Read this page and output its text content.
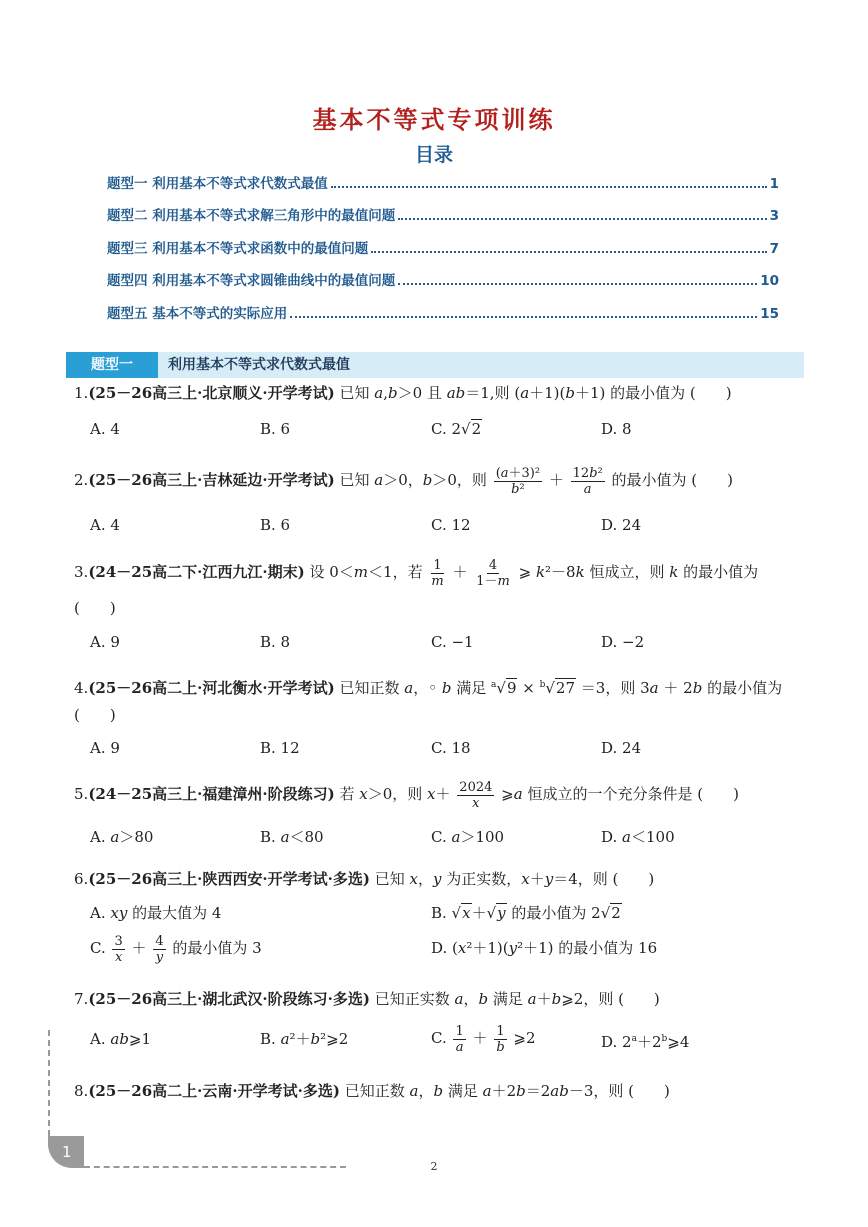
基本不等式专项训练
目录
题型一 利用基本不等式求代数式最值	1
题型二 利用基本不等式求解三角形中的最值问题	3
题型三 利用基本不等式求函数中的最值问题	7
题型四 利用基本不等式求圆锥曲线中的最值问题	10
题型五 基本不等式的实际应用	15
题型一	利用基本不等式求代数式最值
1.(25－26高三上·北京顺义·开学考试) 已知 a,b＞0 且 ab＝1,则 (a＋1)(b＋1) 的最小值为 (　　)
A. 4	B. 6	C. 2√2	D. 8
2.(25－26高三上·吉林延边·开学考试) 已知 a＞0，b＞0，则 $\frac{\text{(a＋3)²}}{\text{b²}} + \frac{\text{12b²}}{a}$ 的最小值为 (　　)
A. 4	B. 6	C. 12	D. 24
3.(24－25高二下·江西九江·期末) 设 0＜m＜1，若 $\frac{1}{m} + \frac{4}{1-m}$ ⩾ k²－8k 恒成立，则 k 的最小值为
(　　)
A. 9	B. 8	C. −1	D. −2
4.(25－26高二上·河北衡水·开学考试) 已知正数 a，◦ b 满足 $^a$√9 × $^b$√27 ＝3，则 3a ＋ 2b 的最小值为
(　　)
A. 9	B. 12	C. 18	D. 24
5.(24－25高三上·福建漳州·阶段练习) 若 x＞0，则 $x+ \frac{2024}{x}$ ⩾a 恒成立的一个充分条件是 (　　)
A. a＞80	B. a＜80	C. a＞100	D. a＜100
6.(25－26高三上·陕西西安·开学考试·多选) 已知 x，y 为正实数，x＋y＝4，则 (　　)
A. xy 的最大值为 4	B. √x＋√y 的最小值为 2√2
C. $\frac{3}{x} + \frac{4}{y}$ 的最小值为 3	D. (x²＋1)(y²＋1) 的最小值为 16
7.(25－26高三上·湖北武汉·阶段练习·多选) 已知正实数 a，b 满足 a＋b⩾2，则 (　　)
A. ab⩾1	B. a²＋b²⩾2	C. $\frac{1}{a} + \frac{1}{b}$ ⩾2	D. $2^a+2^b⩾4$
8.(25－26高二上·云南·开学考试·多选) 已知正数 a，b 满足 a＋2b＝2ab－3，则 (　　)
1
2
